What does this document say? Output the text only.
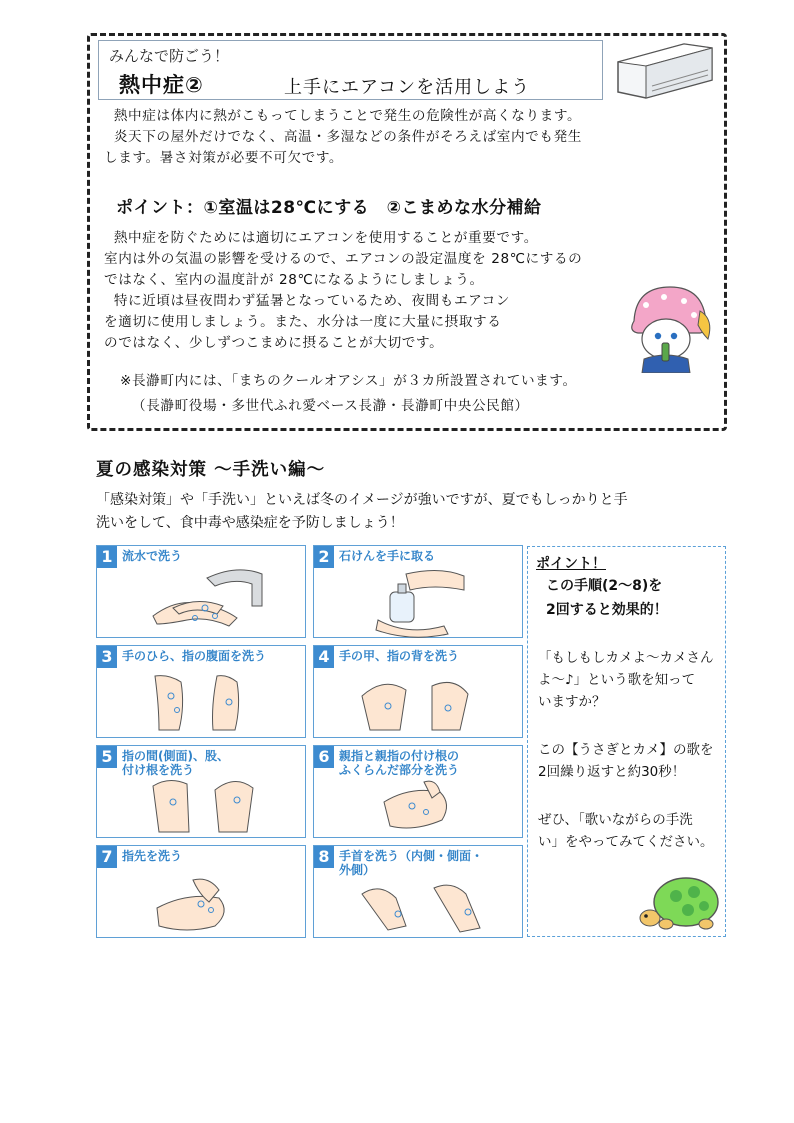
みんなで防ごう！
熱中症②	上手にエアコンを活用しよう
熱中症は体内に熱がこもってしまうことで発生の危険性が高くなります。
炎天下の屋外だけでなく、高温・多湿などの条件がそろえば室内でも発生
します。暑さ対策が必要不可欠です。
ポイント：①室温は28℃にする　②こまめな水分補給
熱中症を防ぐためには適切にエアコンを使用することが重要です。
室内は外の気温の影響を受けるので、エアコンの設定温度を 28℃にするの
ではなく、室内の温度計が 28℃になるようにしましょう。
特に近頃は昼夜問わず猛暑となっているため、夜間もエアコン
を適切に使用しましょう。また、水分は一度に大量に摂取する
のではなく、少しずつこまめに摂ることが大切です。
※長瀞町内には、「まちのクールオアシス」が３カ所設置されています。
（長瀞町役場・多世代ふれ愛ベース長瀞・長瀞町中央公民館）
夏の感染対策 〜手洗い編〜
「感染対策」や「手洗い」といえば冬のイメージが強いですが、夏でもしっかりと手
洗いをして、食中毒や感染症を予防しましょう！
1 流水で洗う	2 石けんを手に取る
3 手のひら、指の腹面を洗う	4 手の甲、指の背を洗う
5 指の間(側面)、股、
付け根を洗う
6 親指と親指の付け根の
ふくらんだ部分を洗う
7 指先を洗う	8 手首を洗う（内側・側面・
外側）
ポイント！
この手順(2〜8)を
2回すると効果的！
「もしもしカメよ〜カメさん
よ〜♪」という歌を知って
いますか？
この【うさぎとカメ】の歌を
2回繰り返すと約30秒！
ぜひ、「歌いながらの手洗
い」をやってみてください。
